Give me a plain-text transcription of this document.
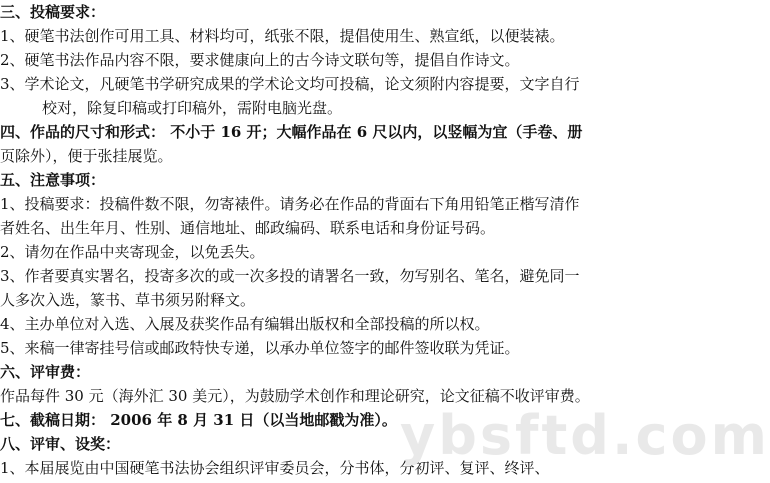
三、投稿要求：
1、硬笔书法创作可用工具、材料均可，纸张不限，提倡使用生、熟宣纸，以便装裱。
2、硬笔书法作品内容不限，要求健康向上的古今诗文联句等，提倡自作诗文。
3、学术论文，凡硬笔书学研究成果的学术论文均可投稿，论文须附内容提要，文字自行
校对，除复印稿或打印稿外，需附电脑光盘。
四、作品的尺寸和形式： 不小于 16 开；大幅作品在 6 尺以内，以竖幅为宜（手卷、册
页除外），便于张挂展览。
五、注意事项：
1、投稿要求：投稿件数不限，勿寄裱件。请务必在作品的背面右下角用铅笔正楷写清作
者姓名、出生年月、性别、通信地址、邮政编码、联系电话和身份证号码。
2、请勿在作品中夹寄现金，以免丢失。
3、作者要真实署名，投寄多次的或一次多投的请署名一致，勿写别名、笔名，避免同一
人多次入选，篆书、草书须另附释文。
4、主办单位对入选、入展及获奖作品有编辑出版权和全部投稿的所以权。
5、来稿一律寄挂号信或邮政特快专递，以承办单位签字的邮件签收联为凭证。
六、评审费：
作品每件 30 元（海外汇 30 美元），为鼓励学术创作和理论研究，论文征稿不收评审费。
七、截稿日期： 2006 年 8 月 31 日（以当地邮戳为准）。
八、评审、设奖：
1、本届展览由中国硬笔书法协会组织评审委员会，分书体，分初评、复评、终评、
ybsftd.com
